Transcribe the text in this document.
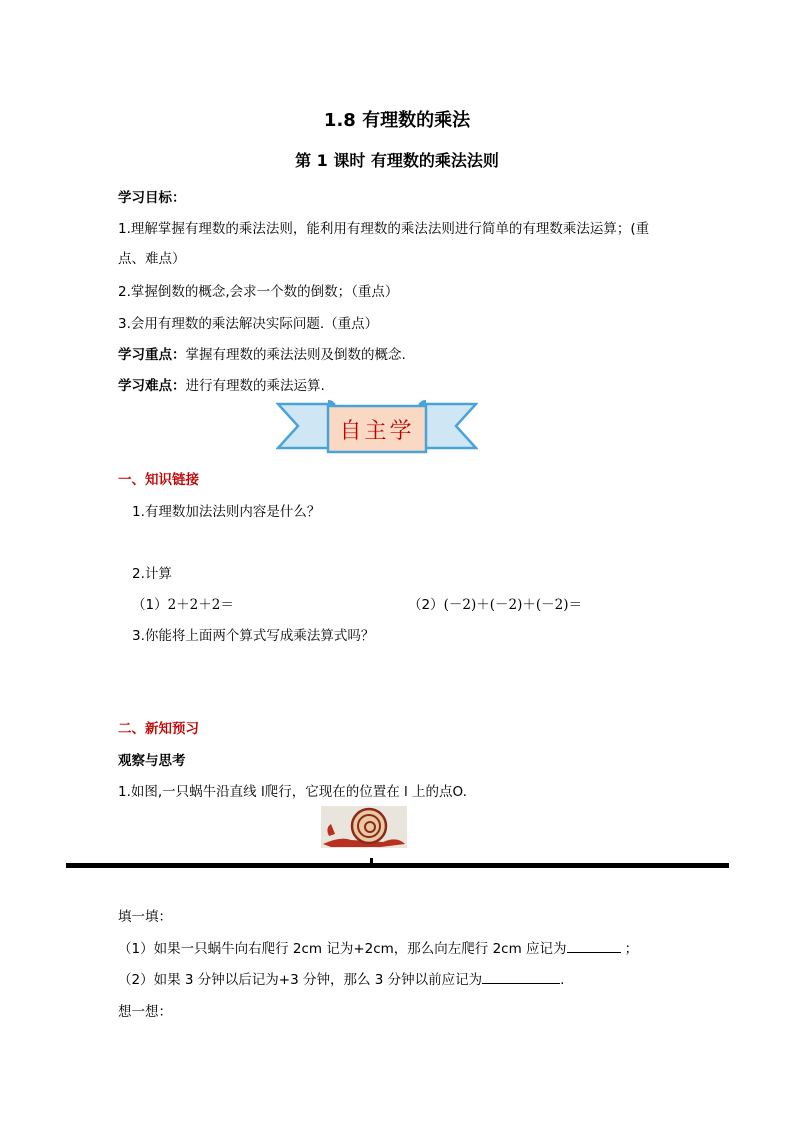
1.8 有理数的乘法
第 1 课时 有理数的乘法法则
学习目标：
1.理解掌握有理数的乘法法则，能利用有理数的乘法法则进行简单的有理数乘法运算；(重
点、难点）
2.掌握倒数的概念,会求一个数的倒数；（重点）
3.会用有理数的乘法解决实际问题.（重点）
学习重点：掌握有理数的乘法法则及倒数的概念.
学习难点：进行有理数的乘法运算.
自主学
一、知识链接
1.有理数加法法则内容是什么？
2.计算
（1）2＋2＋2＝	（2）(－2)＋(－2)＋(－2)＝
3.你能将上面两个算式写成乘法算式吗？
二、新知预习
观察与思考
1.如图,一只蜗牛沿直线 l爬行，它现在的位置在 l 上的点O.
填一填：
（1）如果一只蜗牛向右爬行 2cm 记为+2cm，那么向左爬行 2cm 应记为	；
（2）如果 3 分钟以后记为+3 分钟，那么 3 分钟以前应记为	.
想一想：
